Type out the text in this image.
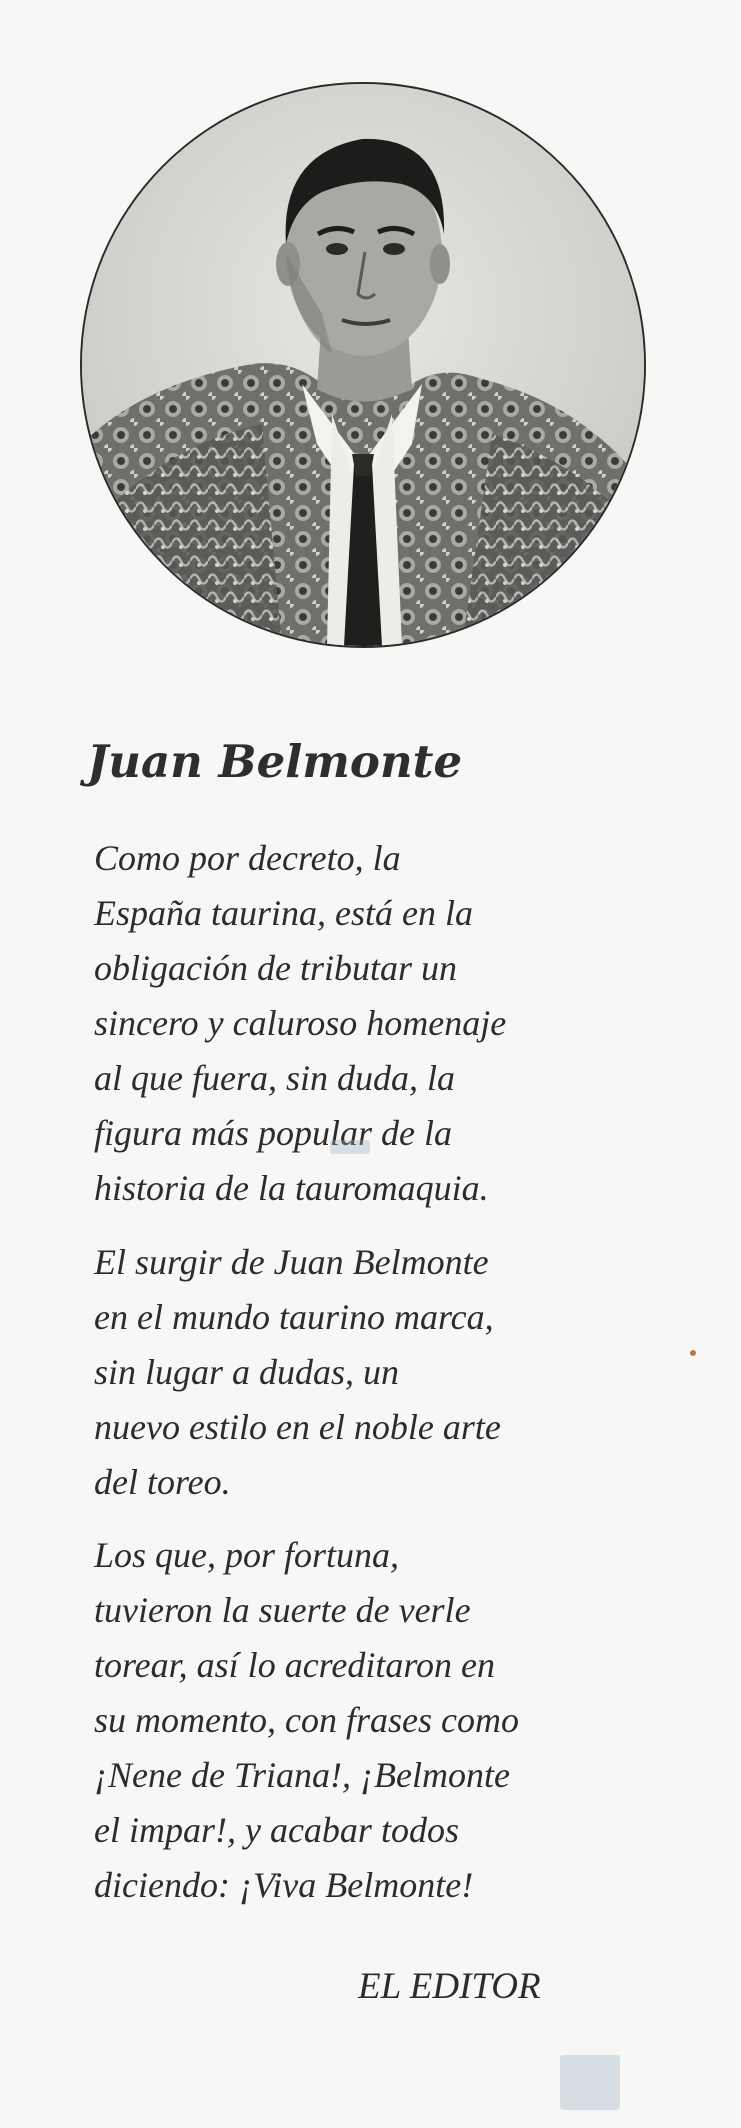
Juan Belmonte
Como por decreto, la
España taurina, está en la
obligación de tributar un
sincero y caluroso homenaje
al que fuera, sin duda, la
figura más popular de la
historia de la tauromaquia.
El surgir de Juan Belmonte
en el mundo taurino marca,
sin lugar a dudas, un
nuevo estilo en el noble arte
del toreo.
Los que, por fortuna,
tuvieron la suerte de verle
torear, así lo acreditaron en
su momento, con frases como
¡Nene de Triana!, ¡Belmonte
el impar!, y acabar todos
diciendo: ¡Viva Belmonte!
EL EDITOR
